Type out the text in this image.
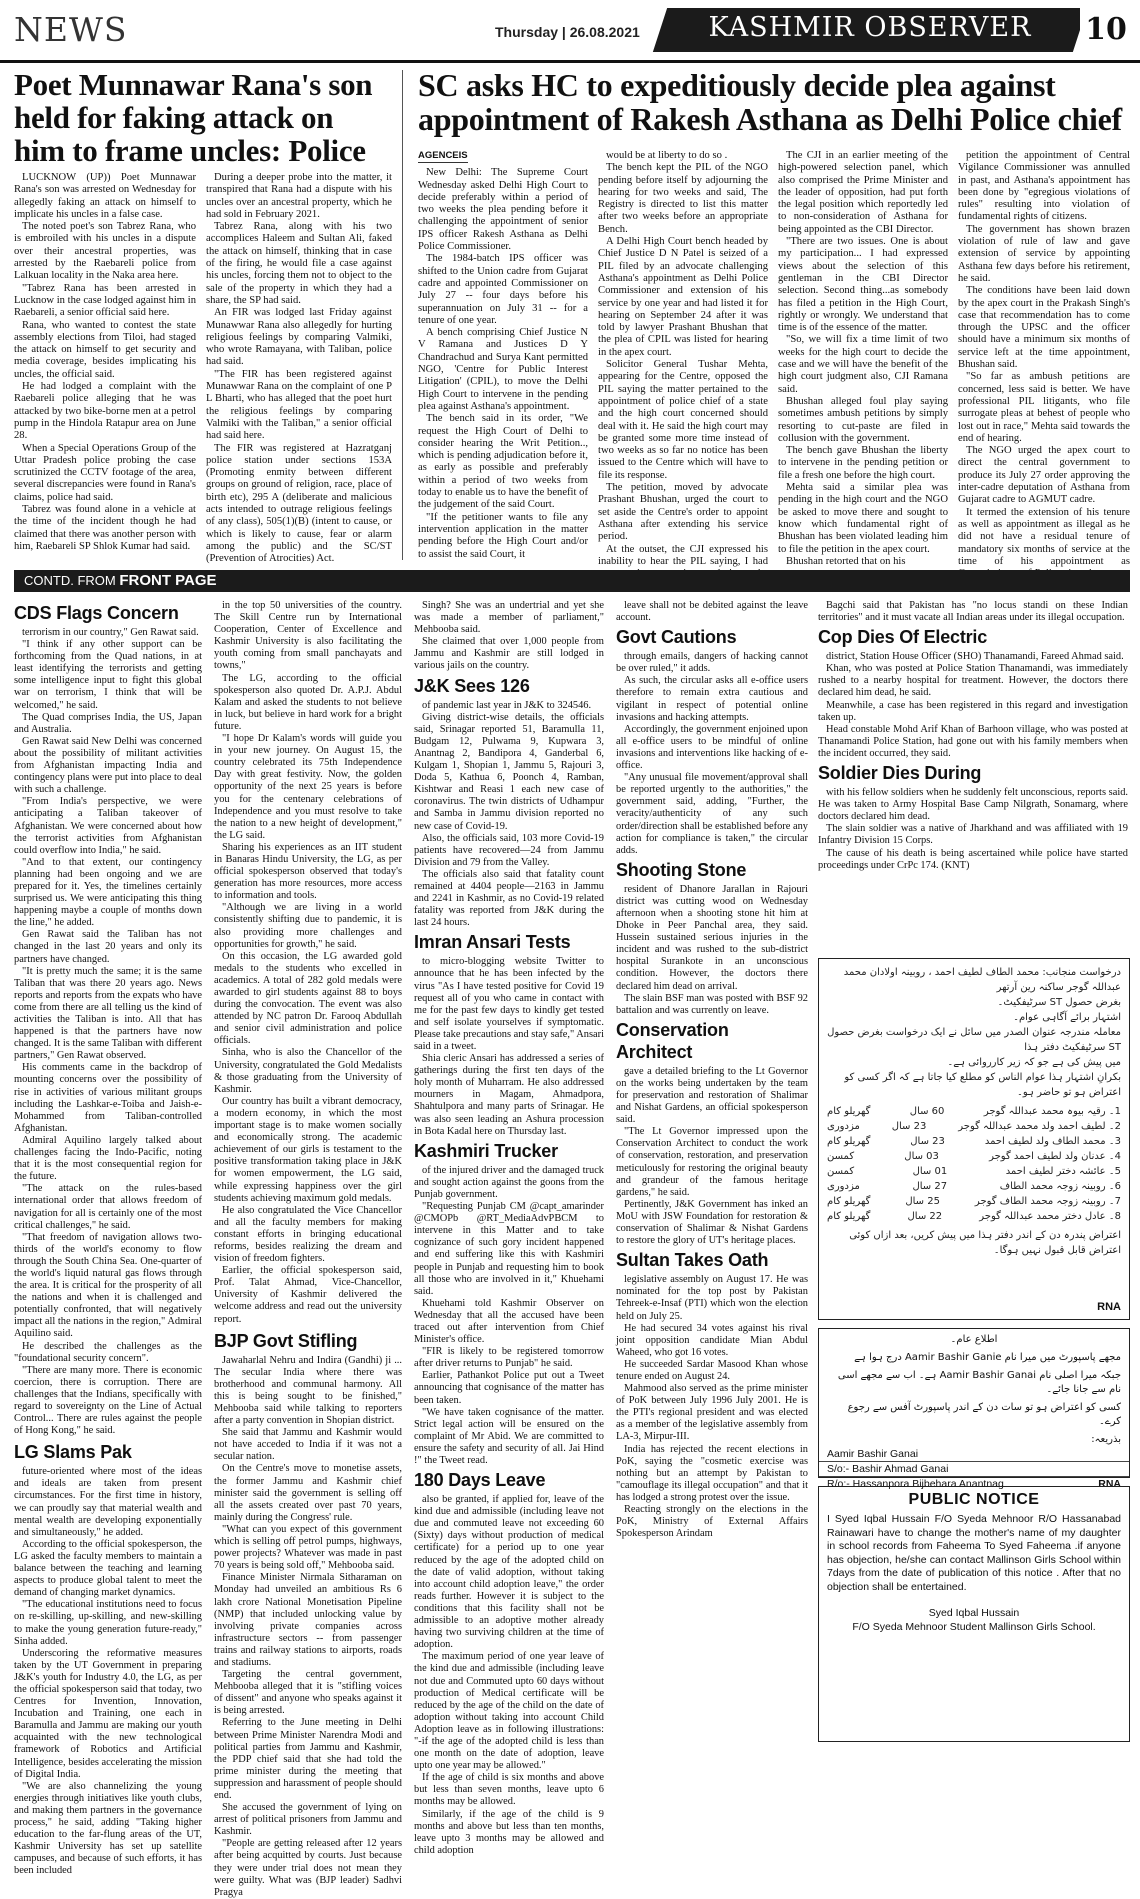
NEWS	Thursday | 26.08.2021	KASHMIR OBSERVER	10
Poet Munnawar Rana's son held for faking attack on him to frame uncles: Police

LUCKNOW (UP)) Poet Munnawar Rana's son was arrested on Wednesday for allegedly faking an attack on himself to implicate his uncles in a false case.

The noted poet's son Tabrez Rana, who is embroiled with his uncles in a dispute over their ancestral properties, was arrested by the Raebareli police from Lalkuan locality in the Naka area here.

"Tabrez Rana has been arrested in Lucknow in the case lodged against him in Raebareli, a senior official said here.

Rana, who wanted to contest the state assembly elections from Tiloi, had staged the attack on himself to get security and media coverage, besides implicating his uncles, the official said.

He had lodged a complaint with the Raebareli police alleging that he was attacked by two bike-borne men at a petrol pump in the Hindola Ratapur area on June 28.

When a Special Operations Group of the Uttar Pradesh police probing the case scrutinized the CCTV footage of the area, several discrepancies were found in Rana's claims, police had said.

Tabrez was found alone in a vehicle at the time of the incident though he had claimed that there was another person with him, Raebareli SP Shlok Kumar had said.

During a deeper probe into the matter, it transpired that Rana had a dispute with his uncles over an ancestral property, which he had sold in February 2021.

Tabrez Rana, along with his two accomplices Haleem and Sultan Ali, faked the attack on himself, thinking that in case of the firing, he would file a case against his uncles, forcing them not to object to the sale of the property in which they had a share, the SP had said.

An FIR was lodged last Friday against Munawwar Rana also allegedly for hurting religious feelings by comparing Valmiki, who wrote Ramayana, with Taliban, police had said.

"The FIR has been registered against Munawwar Rana on the complaint of one P L Bharti, who has alleged that the poet hurt the religious feelings by comparing Valmiki with the Taliban," a senior official had said here.

The FIR was registered at Hazratganj police station under sections 153A (Promoting enmity between different groups on ground of religion, race, place of birth etc), 295 A (deliberate and malicious acts intended to outrage religious feelings of any class), 505(1)(B) (intent to cause, or which is likely to cause, fear or alarm among the public) and the SC/ST (Prevention of Atrocities) Act.

SC asks HC to expeditiously decide plea against appointment of Rakesh Asthana as Delhi Police chief
AGENCEIS

New Delhi: The Supreme Court Wednesday asked Delhi High Court to decide preferably within a period of two weeks the plea pending before it challenging the appointment of senior IPS officer Rakesh Asthana as Delhi Police Commissioner.

The 1984-batch IPS officer was shifted to the Union cadre from Gujarat cadre and appointed Commissioner on July 27 -- four days before his superannuation on July 31 -- for a tenure of one year.

A bench comprising Chief Justice N V Ramana and Justices D Y Chandrachud and Surya Kant permitted NGO, 'Centre for Public Interest Litigation' (CPIL), to move the Delhi High Court to intervene in the pending plea against Asthana's appointment.

The bench said in its order, "We request the High Court of Delhi to consider hearing the Writ Petition.., which is pending adjudication before it, as early as possible and preferably within a period of two weeks from today to enable us to have the benefit of the judgement of the said Court.

"If the petitioner wants to file any intervention application in the matter pending before the High Court and/or to assist the said Court, it

would be at liberty to do so .

The bench kept the PIL of the NGO pending before itself by adjourning the hearing for two weeks and said, The Registry is directed to list this matter after two weeks before an appropriate Bench.

A Delhi High Court bench headed by Chief Justice D N Patel is seized of a PIL filed by an advocate challenging Asthana's appointment as Delhi Police Commissioner and extension of his service by one year and had listed it for hearing on September 24 after it was told by lawyer Prashant Bhushan that the plea of CPIL was listed for hearing in the apex court.

Solicitor General Tushar Mehta, appearing for the Centre, opposed the PIL saying the matter pertained to the appointment of police chief of a state and the high court concerned should deal with it. He said the high court may be granted some more time instead of two weeks as so far no notice has been issued to the Centre which will have to file its response.

The petition, moved by advocate Prashant Bhushan, urged the court to set aside the Centre's order to appoint Asthana after extending his service period.

At the outset, the CJI expressed his inability to hear the PIL saying, I had

The CJI in an earlier meeting of the high-powered selection panel, which also comprised the Prime Minister and the leader of opposition, had put forth the legal position which reportedly led to non-consideration of Asthana for being appointed as the CBI Director.

"There are two issues. One is about my participation... I had expressed views about the selection of this gentleman in the CBI Director selection. Second thing...as somebody has filed a petition in the High Court, rightly or wrongly. We understand that time is of the essence of the matter.

"So, we will fix a time limit of two weeks for the high court to decide the case and we will have the benefit of the high court judgment also, CJI Ramana said.

Bhushan alleged foul play saying sometimes ambush petitions by simply resorting to cut-paste are filed in collusion with the government.

The bench gave Bhushan the liberty to intervene in the pending petition or file a fresh one before the high court.

Mehta said a similar plea was pending in the high court and the NGO be asked to move there and sought to know which fundamental right of Bhushan has been violated leading him to file the petition in the apex court.

Bhushan retorted that on his

petition the appointment of Central Vigilance Commissioner was annulled in past, and Asthana's appointment has been done by "egregious violations of rules" resulting into violation of fundamental rights of citizens.

The government has shown brazen violation of rule of law and gave extension of service by appointing Asthana few days before his retirement, he said.

The conditions have been laid down by the apex court in the Prakash Singh's case that recommendation has to come through the UPSC and the officer should have a minimum six months of service left at the time appointment, Bhushan said.

"So far as ambush petitions are concerned, less said is better. We have professional PIL litigants, who file surrogate pleas at behest of people who lost out in race," Mehta said towards the end of hearing.

The NGO urged the apex court to direct the central government to produce its July 27 order approving the inter-cadre deputation of Asthana from Gujarat cadre to AGMUT cadre.

It termed the extension of his tenure as well as appointment as illegal as he did not have a residual tenure of mandatory six months of service at the time of his appointment as

CONTD. FROM FRONT PAGE
CDS Flags Concern

terrorism in our country," Gen Rawat said.

"I think if any other support can be forthcoming from the Quad nations, in at least identifying the terrorists and getting some intelligence input to fight this global war on terrorism, I think that will be welcomed," he said.

The Quad comprises India, the US, Japan and Australia.

Gen Rawat said New Delhi was concerned about the possibility of militant activities from Afghanistan impacting India and contingency plans were put into place to deal with such a challenge.

"From India's perspective, we were anticipating a Taliban takeover of Afghanistan. We were concerned about how the terrorist activities from Afghanistan could overflow into India," he said.

"And to that extent, our contingency planning had been ongoing and we are prepared for it. Yes, the timelines certainly surprised us. We were anticipating this thing happening maybe a couple of months down the line," he added.

Gen Rawat said the Taliban has not changed in the last 20 years and only its partners have changed.

"It is pretty much the same; it is the same Taliban that was there 20 years ago. News reports and reports from the expats who have come from there are all telling us the kind of activities the Taliban is into. All that has happened is that the partners have now changed. It is the same Taliban with different partners," Gen Rawat observed.

His comments came in the backdrop of mounting concerns over the possibility of rise in activities of various militant groups including the Lashkar-e-Toiba and Jaish-e-Mohammed from Taliban-controlled Afghanistan.

Admiral Aquilino largely talked about challenges facing the Indo-Pacific, noting that it is the most consequential region for the future.

"The attack on the rules-based international order that allows freedom of navigation for all is certainly one of the most critical challenges," he said.

"That freedom of navigation allows two-thirds of the world's economy to flow through the South China Sea. One-quarter of the world's liquid natural gas flows through the area. It is critical for the prosperity of all the nations and when it is challenged and potentially confronted, that will negatively impact all the nations in the region," Admiral Aquilino said.

He described the challenges as the "foundational security concern".

"There are many more. There is economic coercion, there is corruption. There are challenges that the Indians, specifically with regard to sovereignty on the Line of Actual Control... There are rules against the people of Hong Kong," he said.

LG Slams Pak

future-oriented where most of the ideas and ideals are taken from present circumstances. For the first time in history, we can proudly say that material wealth and mental wealth are developing exponentially and simultaneously," he added.

According to the official spokesperson, the LG asked the faculty members to maintain a balance between the teaching and learning aspects to produce global talent to meet the demand of changing market dynamics.

"The educational institutions need to focus on re-skilling, up-skilling, and new-skilling to make the young generation future-ready," Sinha added.

Underscoring the reformative measures taken by the UT Government in preparing J&K's youth for Industry 4.0, the LG, as per the official spokesperson said that today, two Centres for Invention, Innovation, Incubation and Training, one each in Baramulla and Jammu are making our youth acquainted with the new technological framework of Robotics and Artificial Intelligence, besides accelerating the mission of Digital India.

"We are also channelizing the young energies through initiatives like youth clubs, and making them partners in the governance process," he said, adding "Taking higher education to the far-flung areas of the UT, Kashmir University has set up satellite campuses, and because of such efforts, it has been included

in the top 50 universities of the country. The Skill Centre run by International Cooperation, Center of Excellence and Kashmir University is also facilitating the youth coming from small panchayats and towns,"

The LG, according to the official spokesperson also quoted Dr. A.P.J. Abdul Kalam and asked the students to not believe in luck, but believe in hard work for a bright future.

"I hope Dr Kalam's words will guide you in your new journey. On August 15, the country celebrated its 75th Independence Day with great festivity. Now, the golden opportunity of the next 25 years is before you for the centenary celebrations of Independence and you must resolve to take the nation to a new height of development," the LG said.

Sharing his experiences as an IIT student in Banaras Hindu University, the LG, as per official spokesperson observed that today's generation has more resources, more access to information and tools.

"Although we are living in a world consistently shifting due to pandemic, it is also providing more challenges and opportunities for growth," he said.

On this occasion, the LG awarded gold medals to the students who excelled in academics. A total of 282 gold medals were awarded to girl students against 88 to boys during the convocation. The event was also attended by NC patron Dr. Farooq Abdullah and senior civil administration and police officials.

Sinha, who is also the Chancellor of the University, congratulated the Gold Medalists & those graduating from the University of Kashmir.

Our country has built a vibrant democracy, a modern economy, in which the most important stage is to make women socially and economically strong. The academic achievement of our girls is testament to the positive transformation taking place in J&K for women empowerment, the LG said, while expressing happiness over the girl students achieving maximum gold medals.

He also congratulated the Vice Chancellor and all the faculty members for making constant efforts in bringing educational reforms, besides realizing the dream and vision of freedom fighters.

Earlier, the official spokesperson said, Prof. Talat Ahmad, Vice-Chancellor, University of Kashmir delivered the welcome address and read out the university report.

BJP Govt Stifling

Jawaharlal Nehru and Indira (Gandhi) ji ... The secular India where there was brotherhood and communal harmony. All this is being sought to be finished," Mehbooba said while talking to reporters after a party convention in Shopian district.

She said that Jammu and Kashmir would not have acceded to India if it was not a secular nation.

On the Centre's move to monetise assets, the former Jammu and Kashmir chief minister said the government is selling off all the assets created over past 70 years, mainly during the Congress' rule.

"What can you expect of this government which is selling off petrol pumps, highways, power projects? Whatever was made in past 70 years is being sold off," Mehbooba said.

Finance Minister Nirmala Sitharaman on Monday had unveiled an ambitious Rs 6 lakh crore National Monetisation Pipeline (NMP) that included unlocking value by involving private companies across infrastructure sectors -- from passenger trains and railway stations to airports, roads and stadiums.

Targeting the central government, Mehbooba alleged that it is "stifling voices of dissent" and anyone who speaks against it is being arrested.

Referring to the June meeting in Delhi between Prime Minister Narendra Modi and political parties from Jammu and Kashmir, the PDP chief said that she had told the prime minister during the meeting that suppression and harassment of people should end.

She accused the government of lying on arrest of political prisoners from Jammu and Kashmir.

"People are getting released after 12 years after being acquitted by courts. Just because they were under trial does not mean they were guilty. What was (BJP leader) Sadhvi Pragya

Singh? She was an undertrial and yet she was made a member of parliament," Mehbooba said.

She claimed that over 1,000 people from Jammu and Kashmir are still lodged in various jails on the country.

J&K Sees 126

of pandemic last year in J&K to 324546.

Giving district-wise details, the officials said, Srinagar reported 51, Baramulla 11, Budgam 12, Pulwama 9, Kupwara 3, Anantnag 2, Bandipora 4, Ganderbal 6, Kulgam 1, Shopian 1, Jammu 5, Rajouri 3, Doda 5, Kathua 6, Poonch 4, Ramban, Kishtwar and Reasi 1 each new case of coronavirus. The twin districts of Udhampur and Samba in Jammu division reported no new case of Covid-19.

Also, the officials said, 103 more Covid-19 patients have recovered—24 from Jammu Division and 79 from the Valley.

The officials also said that fatality count remained at 4404 people—2163 in Jammu and 2241 in Kashmir, as no Covid-19 related fatality was reported from J&K during the last 24 hours.

Imran Ansari Tests

to micro-blogging website Twitter to announce that he has been infected by the virus "As I have tested positive for Covid 19 request all of you who came in contact with me for the past few days to kindly get tested and self isolate yourselves if symptomatic. Please take precautions and stay safe," Ansari said in a tweet.

Shia cleric Ansari has addressed a series of gatherings during the first ten days of the holy month of Muharram. He also addressed mourners in Magam, Ahmadpora, Shahtulpora and many parts of Srinagar. He was also seen leading an Ashura procession in Bota Kadal here on Thursday last.

Kashmiri Trucker

of the injured driver and the damaged truck and sought action against the goons from the Punjab government.

"Requesting Punjab CM @capt_amarinder @CMOPb @RT_MediaAdvPBCM to intervene in this Matter and to take cognizance of such gory incident happened and end suffering like this with Kashmiri people in Punjab and requesting him to book all those who are involved in it," Khuehami said.

Khuehami told Kashmir Observer on Wednesday that all the accused have been traced out after intervention from Chief Minister's office.

"FIR is likely to be registered tomorrow after driver returns to Punjab" he said.

Earlier, Pathankot Police put out a Tweet announcing that cognisance of the matter has been taken.

"We have taken cognisance of the matter. Strict legal action will be ensured on the complaint of Mr Abid. We are committed to ensure the safety and security of all. Jai Hind !" the Tweet read.

180 Days Leave

also be granted, if applied for, leave of the kind due and admissible (including leave not due and commuted leave not exceeding 60 (Sixty) days without production of medical certificate) for a period up to one year reduced by the age of the adopted child on the date of valid adoption, without taking into account child adoption leave," the order reads further. However it is subject to the conditions that this facility shall not be admissible to an adoptive mother already having two surviving children at the time of adoption.

The maximum period of one year leave of the kind due and admissible (including leave not due and Commuted upto 60 days without production of Medical certificate will be reduced by the age of the child on the date of adoption without taking into account Child Adoption leave as in following illustrations: "-if the age of the adopted child is less than one month on the date of adoption, leave upto one year may be allowed."

If the age of child is six months and above but less than seven months, leave upto 6 months may be allowed.

Similarly, if the age of the child is 9 months and above but less than ten months, leave upto 3 months may be allowed and child adoption

leave shall not be debited against the leave account.

Govt Cautions

through emails, dangers of hacking cannot be over ruled," it adds.

As such, the circular asks all e-office users therefore to remain extra cautious and vigilant in respect of potential online invasions and hacking attempts.

Accordingly, the government enjoined upon all e-office users to be mindful of online invasions and interventions like hacking of e-office.

"Any unusual file movement/approval shall be reported urgently to the authorities," the government said, adding, "Further, the veracity/authenticity of any such order/direction shall be established before any action for compliance is taken," the circular adds.

Shooting Stone

resident of Dhanore Jarallan in Rajouri district was cutting wood on Wednesday afternoon when a shooting stone hit him at Dhoke in Peer Panchal area, they said. Hussein sustained serious injuries in the incident and was rushed to the sub-district hospital Surankote in an unconscious condition. However, the doctors there declared him dead on arrival.

The slain BSF man was posted with BSF 92 battalion and was currently on leave.

Conservation Architect

gave a detailed briefing to the Lt Governor on the works being undertaken by the team for preservation and restoration of Shalimar and Nishat Gardens, an official spokesperson said.

"The Lt Governor impressed upon the Conservation Architect to conduct the work of conservation, restoration, and preservation meticulously for restoring the original beauty and grandeur of the famous heritage gardens," he said.

Pertinently, J&K Government has inked an MoU with JSW Foundation for restoration & conservation of Shalimar & Nishat Gardens to restore the glory of UT's heritage places.

Sultan Takes Oath

legislative assembly on August 17. He was nominated for the top post by Pakistan Tehreek-e-Insaf (PTI) which won the election held on July 25.

He had secured 34 votes against his rival joint opposition candidate Mian Abdul Waheed, who got 16 votes.

He succeeded Sardar Masood Khan whose tenure ended on August 24.

Mahmood also served as the prime minister of PoK between July 1996 July 2001. He is the PTI's regional president and was elected as a member of the legislative assembly from LA-3, Mirpur-III.

India has rejected the recent elections in PoK, saying the "cosmetic exercise was nothing but an attempt by Pakistan to "camouflage its illegal occupation" and that it has lodged a strong protest over the issue.

Reacting strongly on the elections in the PoK, Ministry of External Affairs Spokesperson Arindam

Bagchi said that Pakistan has "no locus standi on these Indian territories" and it must vacate all Indian areas under its illegal occupation.

Cop Dies Of Electric

district, Station House Officer (SHO) Thanamandi, Fareed Ahmad said.

Khan, who was posted at Police Station Thanamandi, was immediately rushed to a nearby hospital for treatment. However, the doctors there declared him dead, he said.

Meanwhile, a case has been registered in this regard and investigation taken up.

Head constable Mohd Arif Khan of Barhoon village, who was posted at Thanamandi Police Station, had gone out with his family members when the incident occurred, they said.

Soldier Dies During

with his fellow soldiers when he suddenly felt unconscious, reports said. He was taken to Army Hospital Base Camp Nilgrath, Sonamarg, where doctors declared him dead.

The slain soldier was a native of Jharkhand and was affiliated with 19 Infantry Division 15 Corps.

The cause of his death is being ascertained while police have started proceedings under CrPc 174. (KNT)

درخواست منجانب: محمد الطاف لطیف احمد ، روبینہ اولادان محمد عبداللہ گوجر ساکنہ رین آرتھر
بغرض حصول ST سرٹیفکیٹ۔
اشتہار برائے آگاہی عوام۔
معاملہ مندرجہ عنوان الصدر میں سائل نے ایک درخواست بغرض حصول ST سرٹیفکیٹ دفتر ہذا
میں پیش کی ہے جو کہ زیر کارروائی ہے۔
بکرانِ اشتہار ہذا عوام الناس کو مطلع کیا جاتا ہے کہ اگر کسی کو اعتراض ہو تو حاضر ہو۔
1۔ رقیہ بیوہ محمد عبداللہ گوجر
60 سال
گھریلو کام
2۔ لطیف احمد ولد محمد عبداللہ گوجر
23 سال
مزدوری
3۔ محمد الطاف ولد لطیف احمد
23 سال
گھریلو کام
4۔ عدنان ولد لطیف احمد گوجر
03 سال
کمسن
5۔ عائشہ دختر لطیف احمد
01 سال
کمسن
6۔ روبینہ زوجہ محمد الطاف
27 سال
مزدوری
7۔ روبینہ زوجہ محمد الطاف گوجر
25 سال
گھریلو کام
8۔ عادل دختر محمد عبداللہ گوجر
22 سال
گھریلو کام
اعتراض پندرہ دن کے اندر دفتر ہذا میں پیش کریں، بعد ازاں کوئی اعتراض قابل قبول نہیں ہوگا۔
RNA
اطلاع عام۔
مجھے پاسپورٹ میں میرا نام Aamir Bashir Ganie درج ہوا ہے
جبکہ میرا اصلی نام Aamir Bashir Ganai ہے۔ اب سے مجھے اسی نام سے جانا جائے۔
کسی کو اعتراض ہو تو سات دن کے اندر پاسپورٹ آفس سے رجوع کرے۔
بذریعہ:
Aamir Bashir Ganai
S/o:- Bashir Ahmad Ganai
R/o:- Hassanpora Bijbehara Anantnag	RNA
PUBLIC NOTICE

I Syed Iqbal Hussain F/O Syeda Mehnoor R/O Hassanabad Rainawari have to change the mother's name of my daughter in school records from Faheema To Syed Faheema .if anyone has objection, he/she can contact Mallinson Girls School within 7days from the date of publication of this notice . After that no objection shall be entertained.

Syed Iqbal Hussain
F/O Syeda Mehnoor Student Mallinson Girls School.
